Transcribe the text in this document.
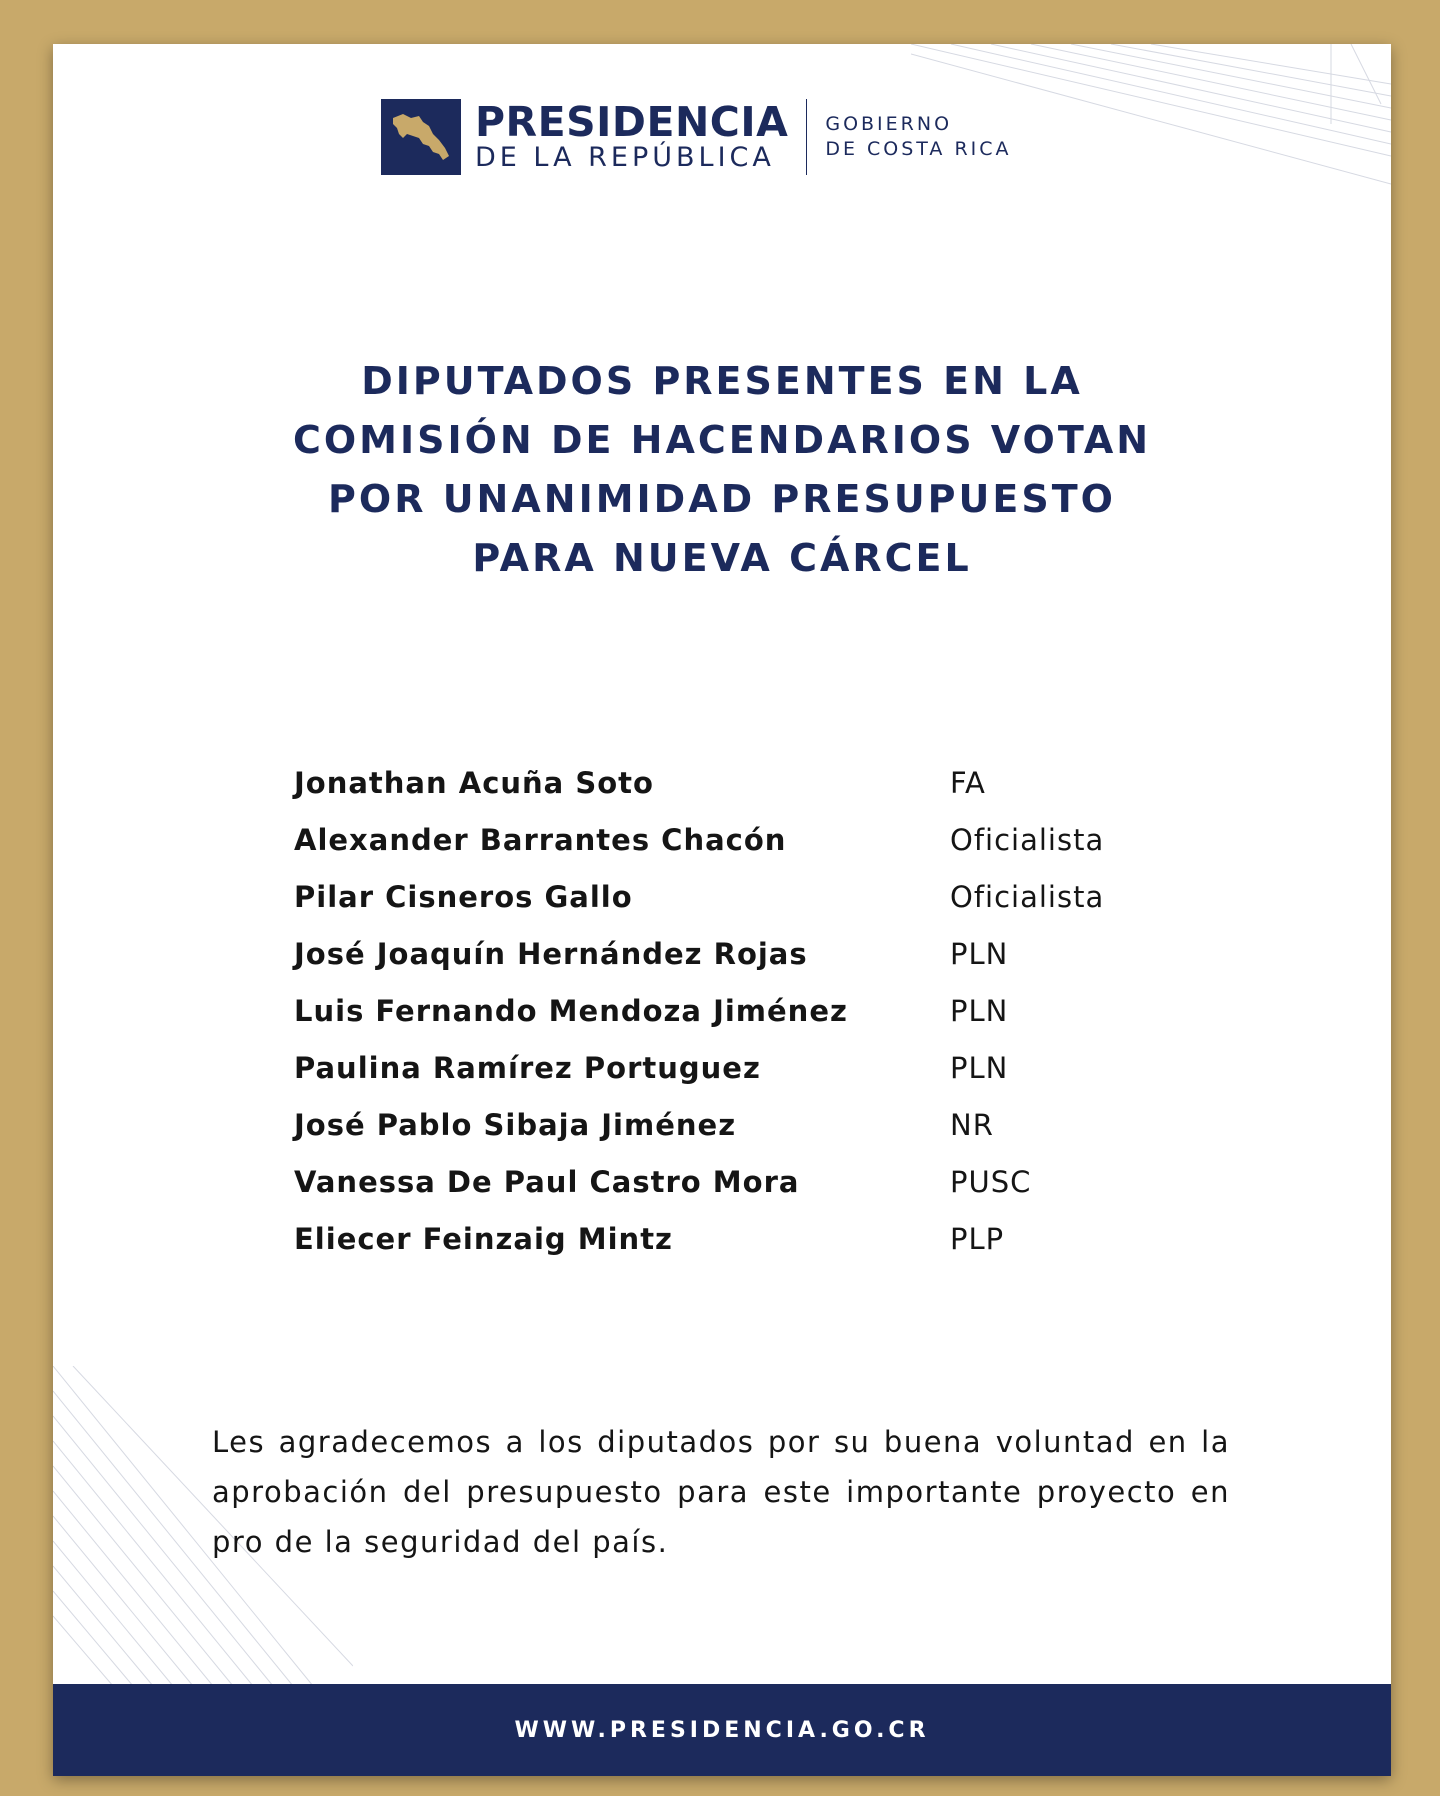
PRESIDENCIA
DE LA REPÚBLICA
GOBIERNO
DE COSTA RICA
DIPUTADOS PRESENTES EN LA
COMISIÓN DE HACENDARIOS VOTAN
POR UNANIMIDAD PRESUPUESTO
PARA NUEVA CÁRCEL
Jonathan Acuña Soto	FA
Alexander Barrantes Chacón	Oficialista
Pilar Cisneros Gallo	Oficialista
José Joaquín Hernández Rojas	PLN
Luis Fernando Mendoza Jiménez	PLN
Paulina Ramírez Portuguez	PLN
José Pablo Sibaja Jiménez	NR
Vanessa De Paul Castro Mora	PUSC
Eliecer Feinzaig Mintz	PLP
Les agradecemos a los diputados por su buena voluntad en la aprobación del presupuesto para este importante proyecto en pro de la seguridad del país.
WWW.PRESIDENCIA.GO.CR
